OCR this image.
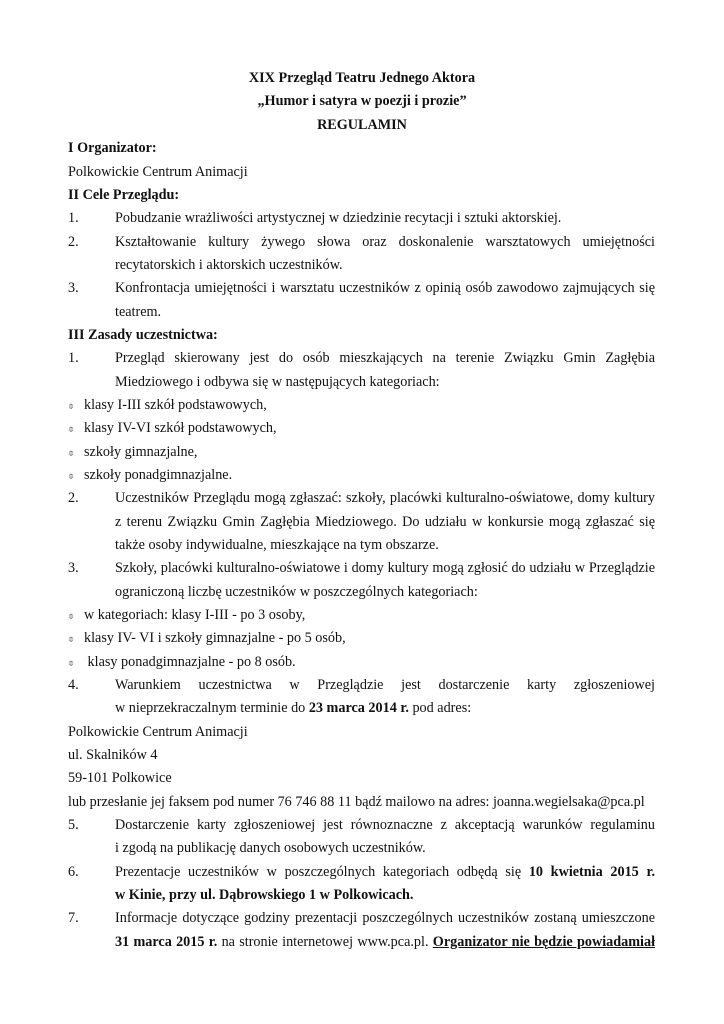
XIX Przegląd Teatru Jednego Aktora
„Humor i satyra w poezji i prozie”
REGULAMIN
I Organizator:
Polkowickie Centrum Animacji
II Cele Przeglądu:
1.	Pobudzanie wrażliwości artystycznej w dziedzinie recytacji i sztuki aktorskiej.
2.	Kształtowanie kultury żywego słowa oraz doskonalenie warsztatowych umiejętności
recytatorskich i aktorskich uczestników.
3.	Konfrontacja umiejętności i warsztatu uczestników z opinią osób zawodowo zajmujących się
teatrem.
III Zasady uczestnictwa:
1.	Przegląd skierowany jest do osób mieszkających na terenie Związku Gmin Zagłębia
Miedziowego i odbywa się w następujących kategoriach:
⌽ klasy I-III szkół podstawowych,
⌽ klasy IV-VI szkół podstawowych,
⌽ szkoły gimnazjalne,
⌽ szkoły ponadgimnazjalne.
2.	Uczestników Przeglądu mogą zgłaszać: szkoły, placówki kulturalno-oświatowe, domy kultury
z terenu Związku Gmin Zagłębia Miedziowego. Do udziału w konkursie mogą zgłaszać się
także osoby indywidualne, mieszkające na tym obszarze.
3.	Szkoły, placówki kulturalno-oświatowe i domy kultury mogą zgłosić do udziału w Przeglądzie
ograniczoną liczbę uczestników w poszczególnych kategoriach:
⌽ w kategoriach: klasy I-III - po 3 osoby,
⌽ klasy IV- VI i szkoły gimnazjalne - po 5 osób,
⌽ klasy ponadgimnazjalne - po 8 osób.
4.	Warunkiem uczestnictwa w Przeglądzie jest dostarczenie karty zgłoszeniowej
w nieprzekraczalnym terminie do 23 marca 2014 r. pod adres:
Polkowickie Centrum Animacji
ul. Skalników 4
59-101 Polkowice
lub przesłanie jej faksem pod numer 76 746 88 11 bądź mailowo na adres: joanna.wegielsaka@pca.pl
5.	Dostarczenie karty zgłoszeniowej jest równoznaczne z akceptacją warunków regulaminu
i zgodą na publikację danych osobowych uczestników.
6.	Prezentacje uczestników w poszczególnych kategoriach odbędą się 10 kwietnia 2015 r.
w Kinie, przy ul. Dąbrowskiego 1 w Polkowicach.
7.	Informacje dotyczące godziny prezentacji poszczególnych uczestników zostaną umieszczone
31 marca 2015 r. na stronie internetowej www.pca.pl. Organizator nie będzie powiadamiał
